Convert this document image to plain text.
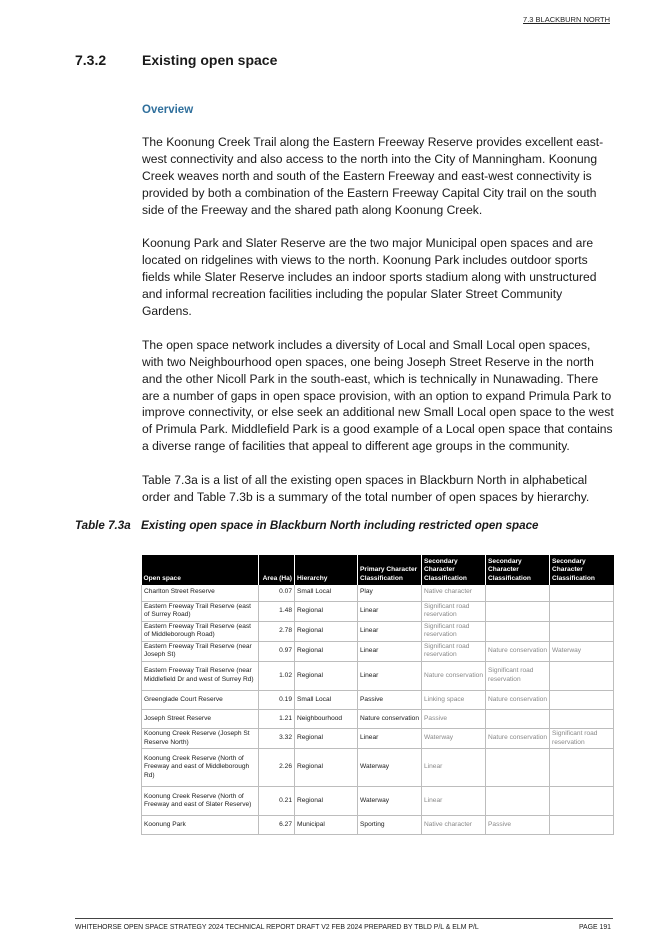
7.3 BLACKBURN NORTH
7.3.2	Existing open space
Overview

The Koonung Creek Trail along the Eastern Freeway Reserve provides excellent east-west connectivity and also access to the north into the City of Manningham. Koonung Creek weaves north and south of the Eastern Freeway and east-west connectivity is provided by both a combination of the Eastern Freeway Capital City trail on the south side of the Freeway and the shared path along Koonung Creek.

Koonung Park and Slater Reserve are the two major Municipal open spaces and are located on ridgelines with views to the north. Koonung Park includes outdoor sports fields while Slater Reserve includes an indoor sports stadium along with unstructured and informal recreation facilities including the popular Slater Street Community Gardens.

The open space network includes a diversity of Local and Small Local open spaces, with two Neighbourhood open spaces, one being Joseph Street Reserve in the north and the other Nicoll Park in the south-east, which is technically in Nunawading. There are a number of gaps in open space provision, with an option to expand Primula Park to improve connectivity, or else seek an additional new Small Local open space to the west of Primula Park. Middlefield Park is a good example of a Local open space that contains a diverse range of facilities that appeal to different age groups in the community.

Table 7.3a is a list of all the existing open spaces in Blackburn North in alphabetical order and Table 7.3b is a summary of the total number of open spaces by hierarchy.

Table 7.3a Existing open space in Blackburn North including restricted open space
Open space	Area (Ha)	Hierarchy	Primary Character Classification	Secondary Character Classification	Secondary Character Classification	Secondary Character Classification
Charlton Street Reserve	0.07	Small Local	Play	Native character		
Eastern Freeway Trail Reserve (east of Surrey Road)	1.48	Regional	Linear	Significant road reservation		
Eastern Freeway Trail Reserve (east of Middleborough Road)	2.78	Regional	Linear	Significant road reservation		
Eastern Freeway Trail Reserve (near Joseph St)	0.97	Regional	Linear	Significant road reservation	Nature conservation	Waterway
Eastern Freeway Trail Reserve (near Middlefield Dr and west of Surrey Rd)	1.02	Regional	Linear	Nature conservation	Significant road reservation	
Greenglade Court Reserve	0.19	Small Local	Passive	Linking space	Nature conservation	
Joseph Street Reserve	1.21	Neighbourhood	Nature conservation	Passive		
Koonung Creek Reserve (Joseph St Reserve North)	3.32	Regional	Linear	Waterway	Nature conservation	Significant road reservation
Koonung Creek Reserve (North of Freeway and east of Middleborough Rd)	2.26	Regional	Waterway	Linear		
Koonung Creek Reserve (North of Freeway and east of Slater Reserve)	0.21	Regional	Waterway	Linear		
Koonung Park	6.27	Municipal	Sporting	Native character	Passive	
WHITEHORSE OPEN SPACE STRATEGY 2024 TECHNICAL REPORT DRAFT V2 FEB 2024 PREPARED BY TBLD P/L & ELM P/L	PAGE 191
